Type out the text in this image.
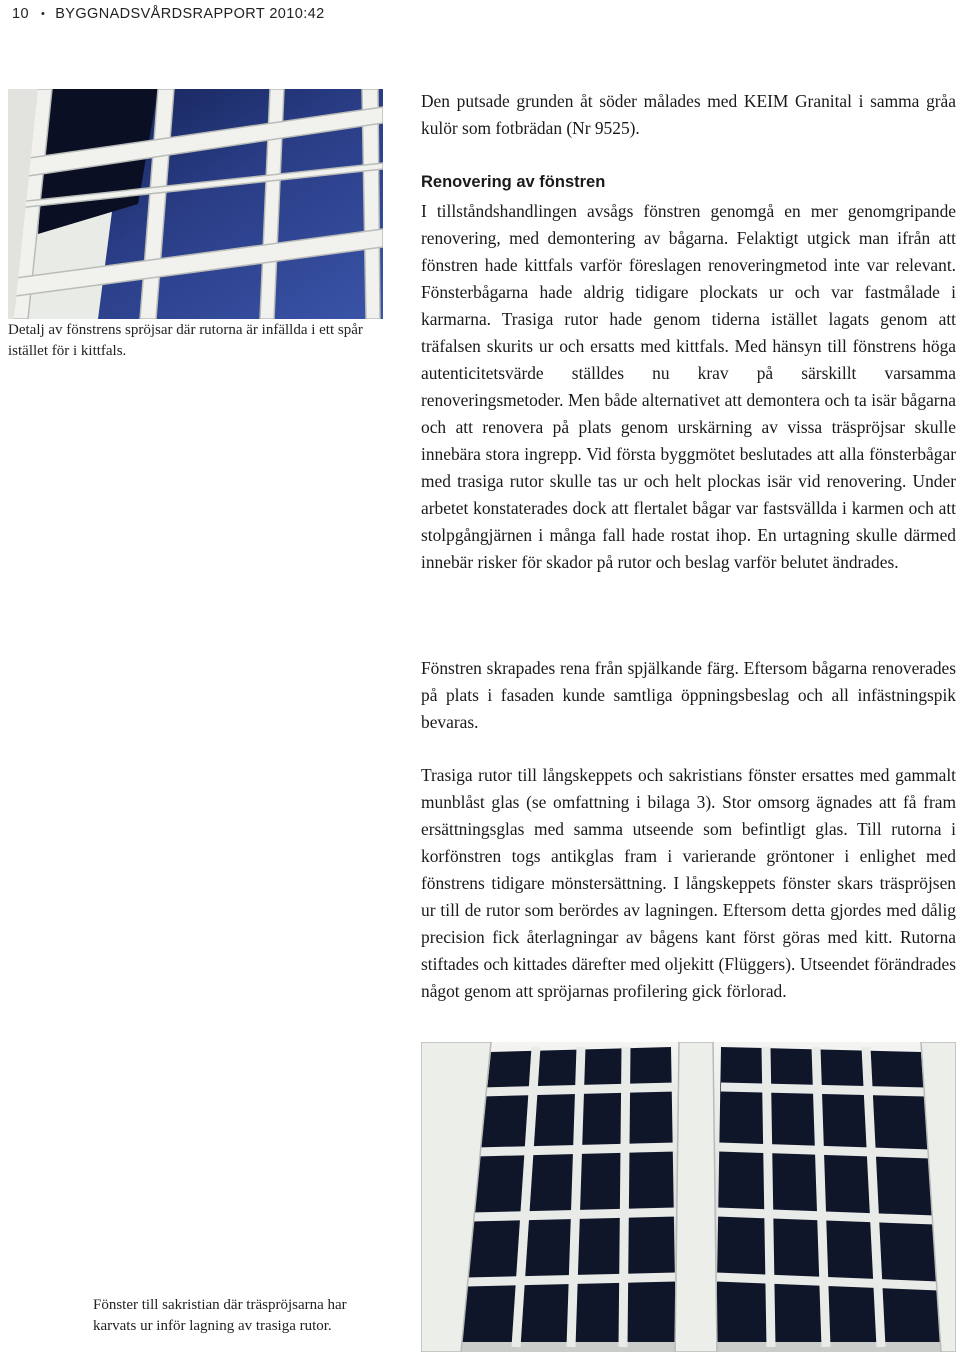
10 • BYGGNADSVÅRDSRAPPORT 2010:42
Detalj av fönstrens spröjsar där rutorna är infällda i ett spår istället för i kittfals.

Den putsade grunden åt söder målades med KEIM Granital i samma gråa kulör som fotbrädan (Nr 9525).

Renovering av fönstren

I tillståndshandlingen avsågs fönstren genomgå en mer genomgripande renovering, med demontering av bågarna. Felaktigt utgick man ifrån att fönstren hade kittfals varför föreslagen renoveringmetod inte var relevant. Fönsterbågarna hade aldrig tidigare plockats ur och var fastmålade i karmarna. Trasiga rutor hade genom tiderna istället lagats genom att träfalsen skurits ur och ersatts med kittfals. Med hänsyn till fönstrens höga autenticitetsvärde ställdes nu krav på särskillt varsamma renoveringsmetoder. Men både alternativet att demontera och ta isär bågarna och att renovera på plats genom urskärning av vissa träspröjsar skulle innebära stora ingrepp. Vid första byggmötet beslutades att alla fönsterbågar med trasiga rutor skulle tas ur och helt plockas isär vid renovering. Under arbetet konstaterades dock att flertalet bågar var fastsvällda i karmen och att stolpgångjärnen i många fall hade rostat ihop. En urtagning skulle därmed innebär risker för skador på rutor och beslag varför belutet ändrades.

Fönstren skrapades rena från spjälkande färg. Eftersom bågarna renoverades på plats i fasaden kunde samtliga öppningsbeslag och all infästningspik bevaras.

Trasiga rutor till långskeppets och sakristians fönster ersattes med gammalt munblåst glas (se omfattning i bilaga 3). Stor omsorg ägnades att få fram ersättningsglas med samma utseende som befintligt glas. Till rutorna i korfönstren togs antikglas fram i varierande gröntoner i enlighet med fönstrens tidigare mönstersättning. I långskeppets fönster skars träspröjsen ur till de rutor som berördes av lagningen. Eftersom detta gjordes med dålig precision fick återlagningar av bågens kant först göras med kitt. Rutorna stiftades och kittades därefter med oljekitt (Flüggers). Utseendet förändrades något genom att spröjarnas profilering gick förlorad.

Fönster till sakristian där träspröjsarna har karvats ur inför lagning av trasiga rutor.
